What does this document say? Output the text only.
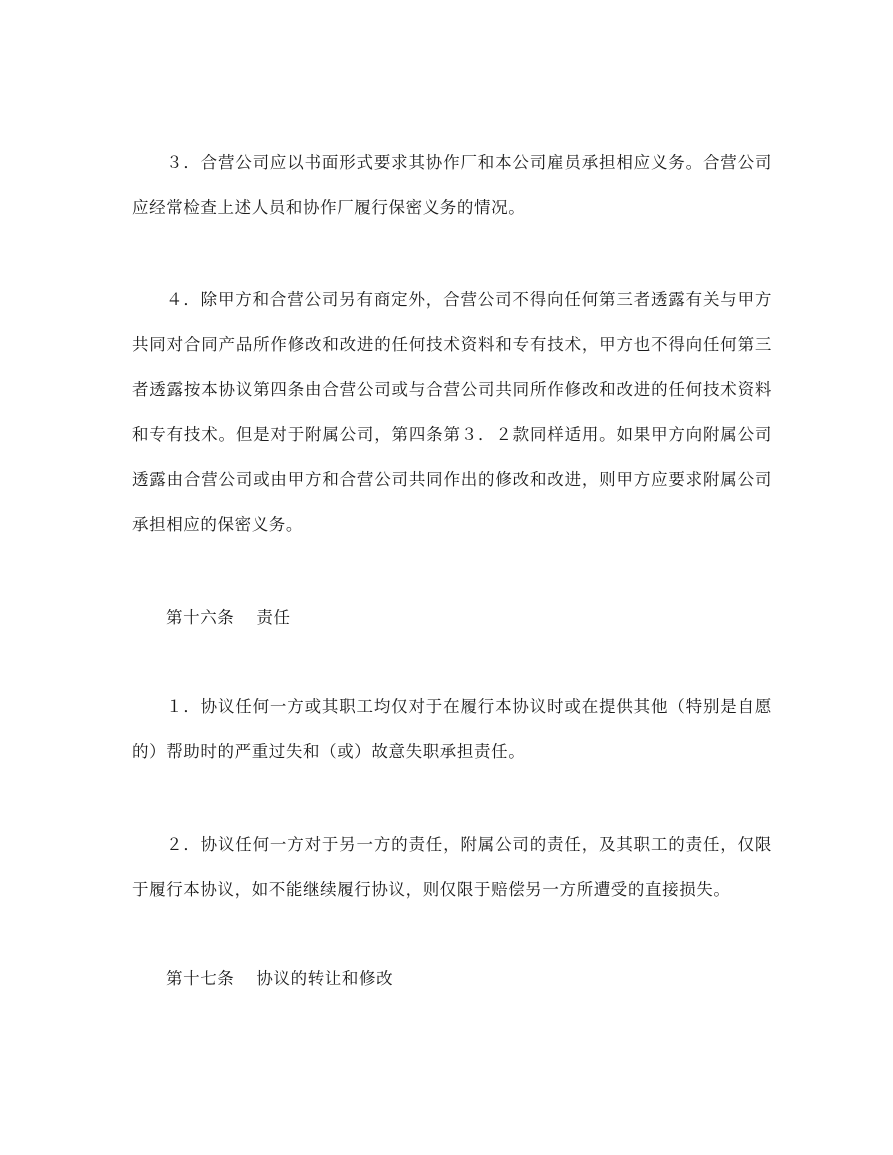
３．合营公司应以书面形式要求其协作厂和本公司雇员承担相应义务。合营公司应经常检查上述人员和协作厂履行保密义务的情况。

４．除甲方和合营公司另有商定外，合营公司不得向任何第三者透露有关与甲方共同对合同产品所作修改和改进的任何技术资料和专有技术，甲方也不得向任何第三者透露按本协议第四条由合营公司或与合营公司共同所作修改和改进的任何技术资料和专有技术。但是对于附属公司，第四条第３．２款同样适用。如果甲方向附属公司透露由合营公司或由甲方和合营公司共同作出的修改和改进，则甲方应要求附属公司承担相应的保密义务。

第十六条 责任

１．协议任何一方或其职工均仅对于在履行本协议时或在提供其他（特别是自愿的）帮助时的严重过失和（或）故意失职承担责任。

２．协议任何一方对于另一方的责任，附属公司的责任，及其职工的责任，仅限于履行本协议，如不能继续履行协议，则仅限于赔偿另一方所遭受的直接损失。

第十七条 协议的转让和修改
